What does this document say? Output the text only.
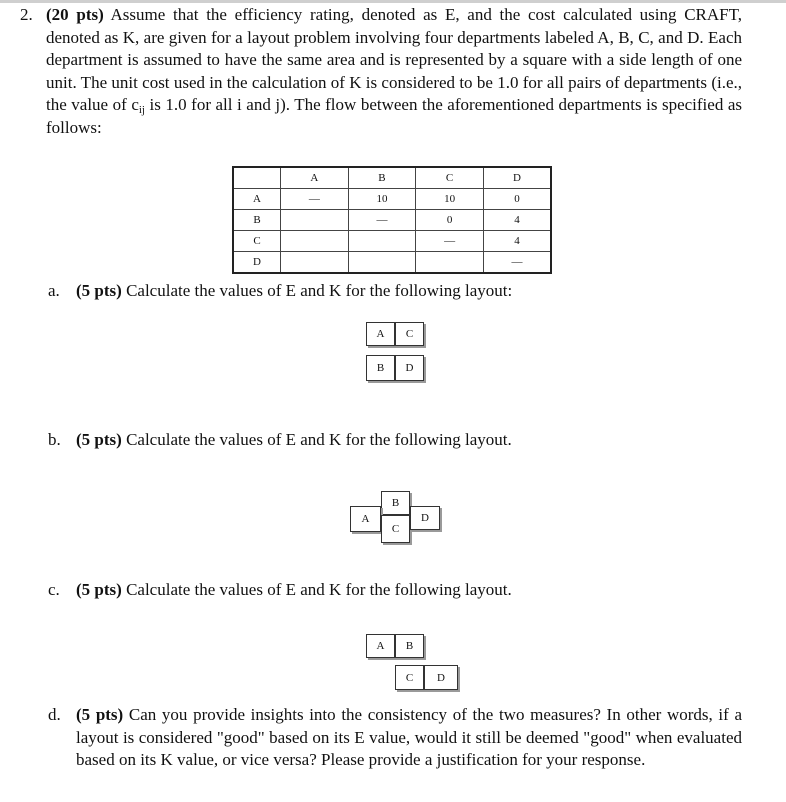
2. (20 pts) Assume that the efficiency rating, denoted as E, and the cost calculated using CRAFT, denoted as K, are given for a layout problem involving four departments labeled A, B, C, and D. Each department is assumed to have the same area and is represented by a square with a side length of one unit. The unit cost used in the calculation of K is considered to be 1.0 for all pairs of departments (i.e., the value of $c_{ij}$ is 1.0 for all i and j). The flow between the aforementioned departments is specified as follows:
	A	B	C	D
A	—	10	10	0
B		—	0	4
C			—	4
D				—
a. (5 pts) Calculate the values of E and K for the following layout:
A	C
B	D
b. (5 pts) Calculate the values of E and K for the following layout.
B
A
C
D
c. (5 pts) Calculate the values of E and K for the following layout.
A	B
C	D
d. (5 pts) Can you provide insights into the consistency of the two measures? In other words, if a layout is considered "good" based on its E value, would it still be deemed "good" when evaluated based on its K value, or vice versa? Please provide a justification for your response.
